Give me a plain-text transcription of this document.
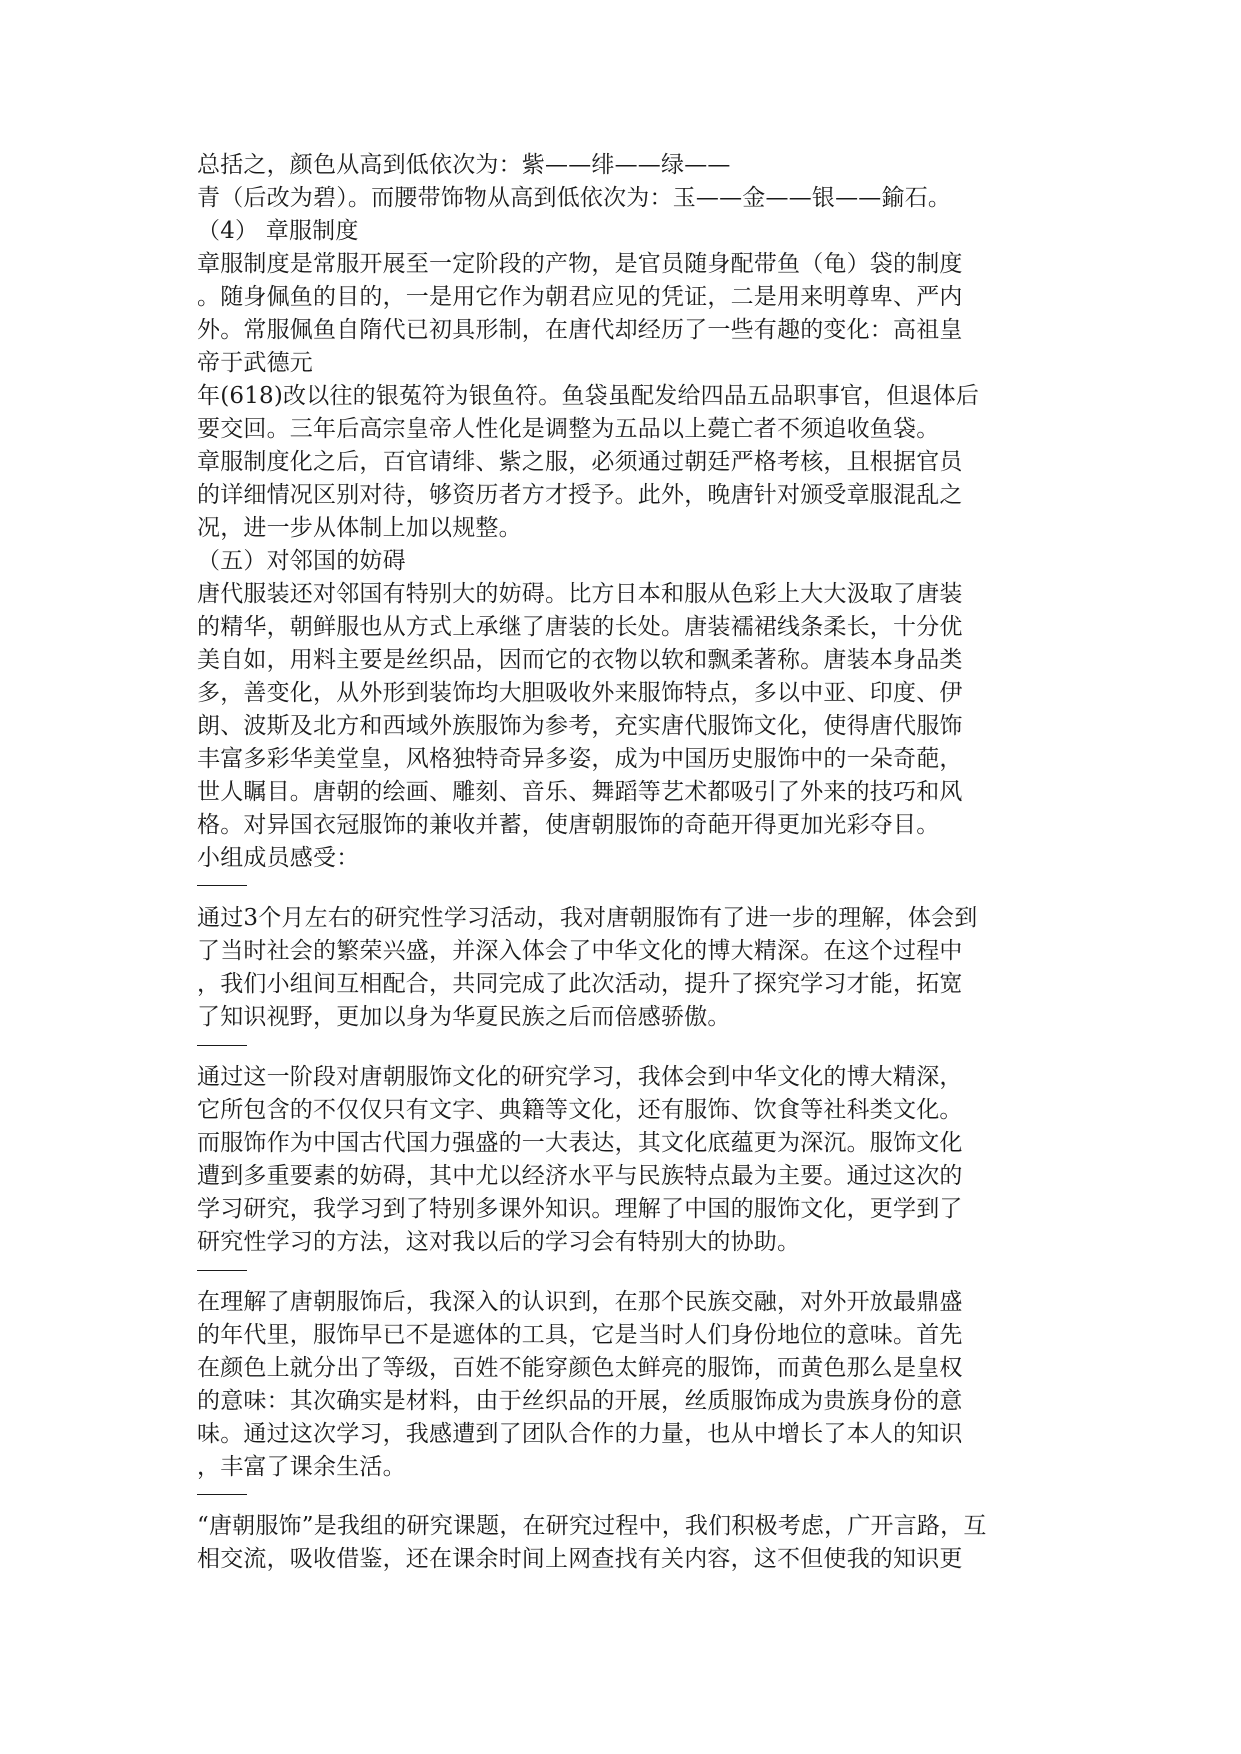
总括之，颜色从高到低依次为：紫——绯——绿——
青（后改为碧）。而腰带饰物从高到低依次为：玉——金——银——鍮石。
（4） 章服制度
章服制度是常服开展至一定阶段的产物，是官员随身配带鱼（龟）袋的制度
。随身佩鱼的目的，一是用它作为朝君应见的凭证，二是用来明尊卑、严内
外。常服佩鱼自隋代已初具形制，在唐代却经历了一些有趣的变化：高祖皇
帝于武德元
年(618)改以往的银菟符为银鱼符。鱼袋虽配发给四品五品职事官，但退体后
要交回。三年后高宗皇帝人性化是调整为五品以上薨亡者不须追收鱼袋。
章服制度化之后，百官请绯、紫之服，必须通过朝廷严格考核，且根据官员
的详细情况区别对待，够资历者方才授予。此外，晚唐针对颁受章服混乱之
况，进一步从体制上加以规整。
（五）对邻国的妨碍
唐代服装还对邻国有特别大的妨碍。比方日本和服从色彩上大大汲取了唐装
的精华，朝鲜服也从方式上承继了唐装的长处。唐装襦裙线条柔长，十分优
美自如，用料主要是丝织品，因而它的衣物以软和飘柔著称。唐装本身品类
多，善变化，从外形到装饰均大胆吸收外来服饰特点，多以中亚、印度、伊
朗、波斯及北方和西域外族服饰为参考，充实唐代服饰文化，使得唐代服饰
丰富多彩华美堂皇，风格独特奇异多姿，成为中国历史服饰中的一朵奇葩，
世人瞩目。唐朝的绘画、雕刻、音乐、舞蹈等艺术都吸引了外来的技巧和风
格。对异国衣冠服饰的兼收并蓄，使唐朝服饰的奇葩开得更加光彩夺目。
小组成员感受：
通过3个月左右的研究性学习活动，我对唐朝服饰有了进一步的理解，体会到
了当时社会的繁荣兴盛，并深入体会了中华文化的博大精深。在这个过程中
，我们小组间互相配合，共同完成了此次活动，提升了探究学习才能，拓宽
了知识视野，更加以身为华夏民族之后而倍感骄傲。
通过这一阶段对唐朝服饰文化的研究学习，我体会到中华文化的博大精深，
它所包含的不仅仅只有文字、典籍等文化，还有服饰、饮食等社科类文化。
而服饰作为中国古代国力强盛的一大表达，其文化底蕴更为深沉。服饰文化
遭到多重要素的妨碍，其中尤以经济水平与民族特点最为主要。通过这次的
学习研究，我学习到了特别多课外知识。理解了中国的服饰文化，更学到了
研究性学习的方法，这对我以后的学习会有特别大的协助。
在理解了唐朝服饰后，我深入的认识到，在那个民族交融，对外开放最鼎盛
的年代里，服饰早已不是遮体的工具，它是当时人们身份地位的意味。首先
在颜色上就分出了等级，百姓不能穿颜色太鲜亮的服饰，而黄色那么是皇权
的意味：其次确实是材料，由于丝织品的开展，丝质服饰成为贵族身份的意
味。通过这次学习，我感遭到了团队合作的力量，也从中增长了本人的知识
，丰富了课余生活。
“唐朝服饰”是我组的研究课题，在研究过程中，我们积极考虑，广开言路，互
相交流，吸收借鉴，还在课余时间上网查找有关内容，这不但使我的知识更
